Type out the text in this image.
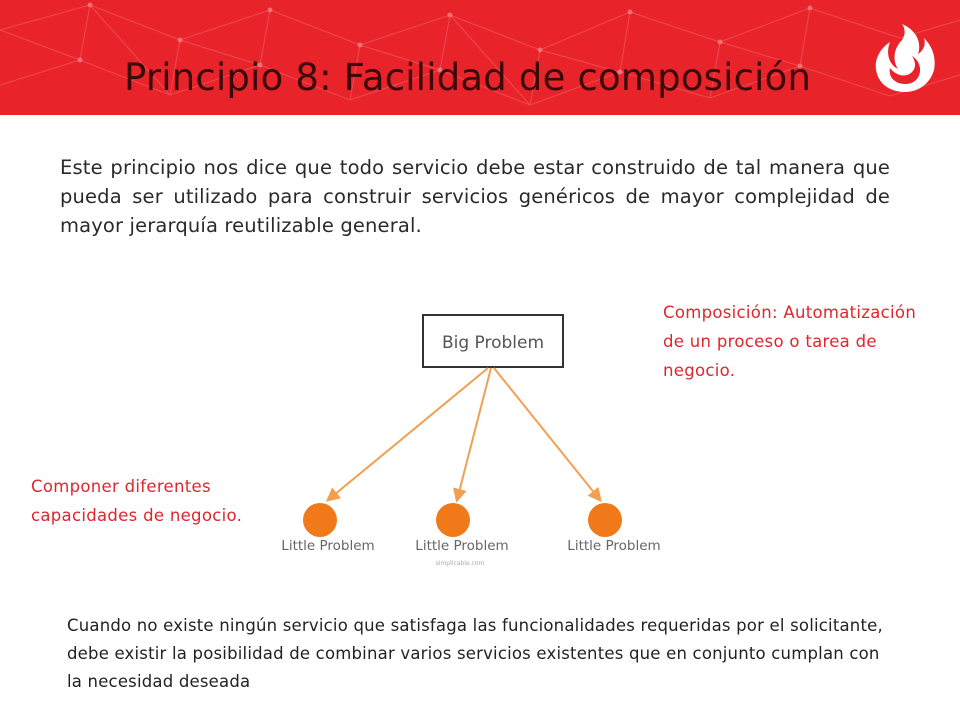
Principio 8: Facilidad de composición
Este principio nos dice que todo servicio debe estar construido de tal manera que pueda ser utilizado para construir servicios genéricos de mayor complejidad de mayor jerarquía reutilizable general.
Composición: Automatización
de un proceso o tarea de
negocio.
Big Problem
Little Problem	Little Problem	Little Problem
simplicable.com
Componer diferentes
capacidades de negocio.
Cuando no existe ningún servicio que satisfaga las funcionalidades requeridas por el solicitante, debe existir la posibilidad de combinar varios servicios existentes que en conjunto cumplan con la necesidad deseada
